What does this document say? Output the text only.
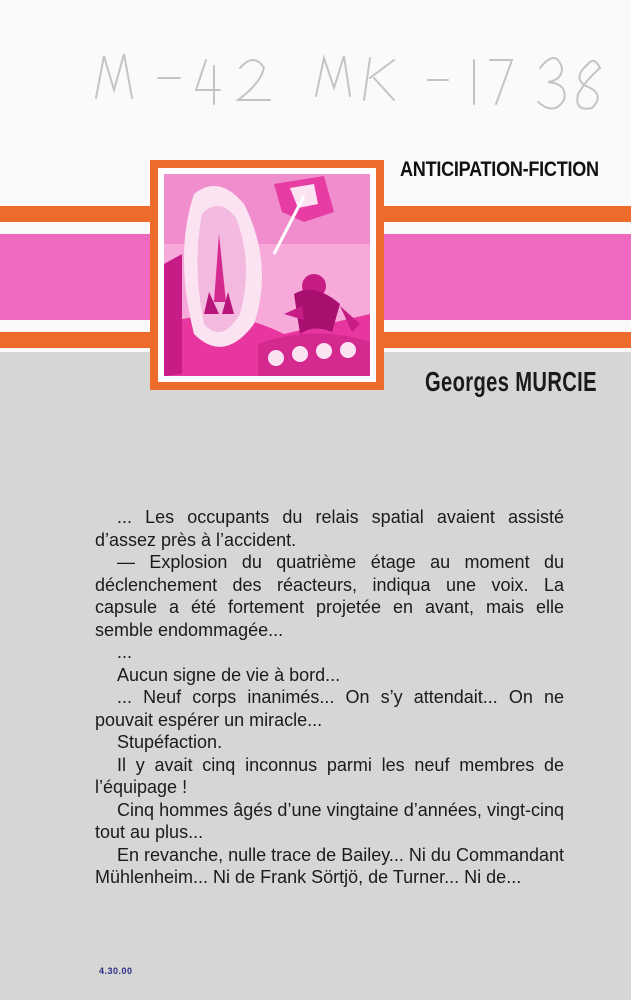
ANTICIPATION-FICTION
Georges MURCIE

... Les occupants du relais spatial avaient assisté d’assez près à l’accident.

— Explosion du quatrième étage au moment du déclenchement des réacteurs, indiqua une voix. La capsule a été fortement projetée en avant, mais elle semble endommagée...

...

Aucun signe de vie à bord...

... Neuf corps inanimés... On s’y attendait... On ne pouvait espérer un miracle...

Stupéfaction.

Il y avait cinq inconnus parmi les neuf membres de l’équipage !

Cinq hommes âgés d’une vingtaine d’années, vingt-cinq tout au plus...

En revanche, nulle trace de Bailey... Ni du Commandant Mühlenheim... Ni de Frank Sörtjö, de Turner... Ni de...

4.30.00
